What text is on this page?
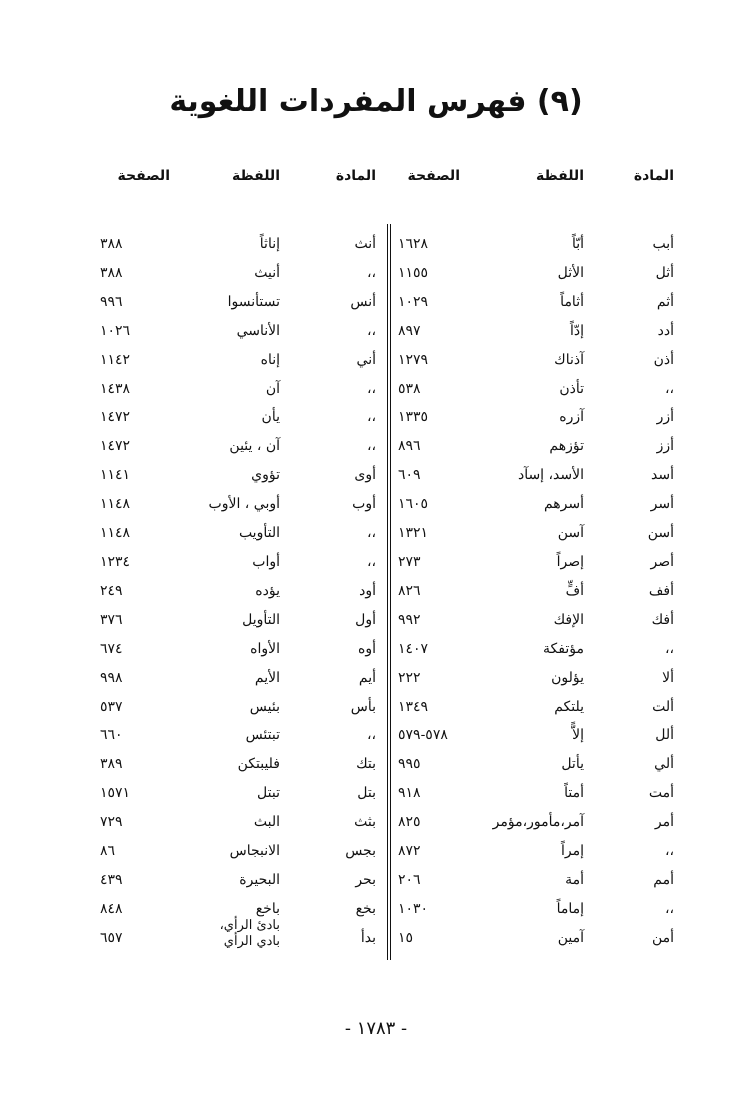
(٩) فهرس المفردات اللغوية
المادة
اللفظة
الصفحة
أبب
أبّاً
١٦٢٨
أثل
الأثل
١١٥٥
أثم
أثاماً
١٠٢٩
أدد
إدّاً
٨٩٧
أذن
آذناك
١٢٧٩
،،
تأذن
٥٣٨
أزر
آزره
١٣٣٥
أزز
تؤزهم
٨٩٦
أسد
الأسد، إسآد
٦٠٩
أسر
أسرهم
١٦٠٥
أسن
آسن
١٣٢١
أصر
إصراً
٢٧٣
أفف
أفٍّ
٨٢٦
أفك
الإفك
٩٩٢
،،
مؤتفكة
١٤٠٧
ألا
يؤلون
٢٢٢
ألت
يلتكم
١٣٤٩
ألل
إلاًّ
٥٧٨-٥٧٩
ألي
يأتل
٩٩٥
أمت
أمتاً
٩١٨
أمر
آمر،مأمور،مؤمر
٨٢٥
،،
إمراً
٨٧٢
أمم
أمة
٢٠٦
،،
إماماً
١٠٣٠
أمن
آمين
١٥
المادة
اللفظة
الصفحة
أنث
إناثاً
٣٨٨
،،
أنيث
٣٨٨
أنس
تستأنسوا
٩٩٦
،،
الأناسي
١٠٢٦
أني
إناه
١١٤٢
،،
آن
١٤٣٨
،،
يأن
١٤٧٢
،،
آن ، يئين
١٤٧٢
أوى
تؤوي
١١٤١
أوب
أوبي ، الأوب
١١٤٨
،،
التأويب
١١٤٨
،،
أواب
١٢٣٤
أود
يؤده
٢٤٩
أول
التأويل
٣٧٦
أوه
الأواه
٦٧٤
أيم
الأيم
٩٩٨
بأس
بئيس
٥٣٧
،،
تبتئس
٦٦٠
بتك
فليبتكن
٣٨٩
بتل
تبتل
١٥٧١
بثث
البث
٧٢٩
بجس
الانبجاس
٨٦
بحر
البحيرة
٤٣٩
بخع
باخع
٨٤٨
بدأ
بادئ الرأي،
بادي الرأي
٦٥٧
- ١٧٨٣ -
